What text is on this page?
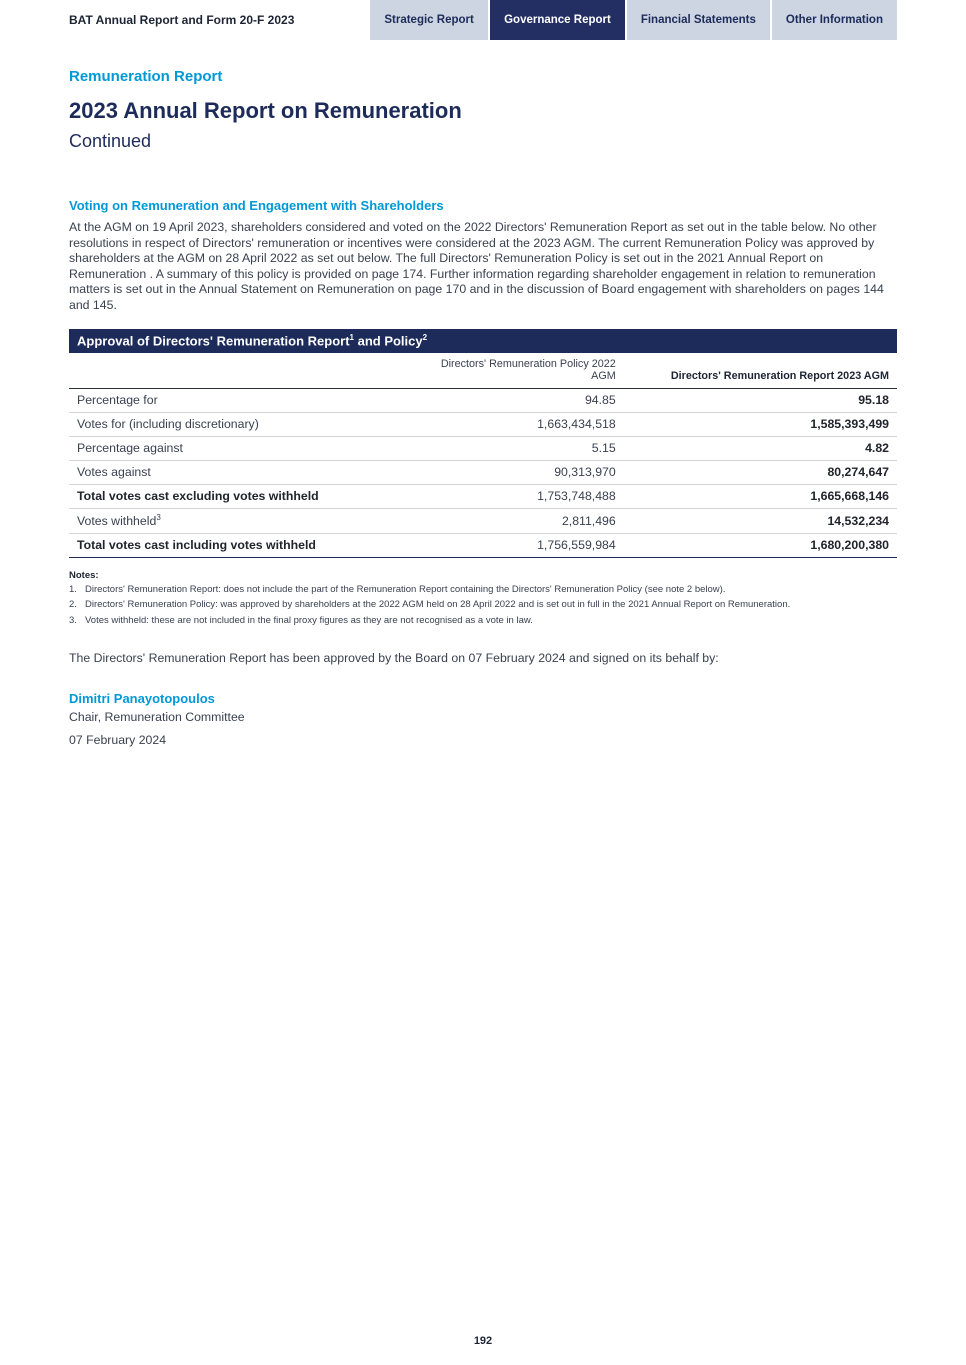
BAT Annual Report and Form 20-F 2023	Strategic Report	Governance Report	Financial Statements	Other Information
Remuneration Report
2023 Annual Report on Remuneration
Continued
Voting on Remuneration and Engagement with Shareholders

At the AGM on 19 April 2023, shareholders considered and voted on the 2022 Directors' Remuneration Report as set out in the table below. No other resolutions in respect of Directors' remuneration or incentives were considered at the 2023 AGM. The current Remuneration Policy was approved by shareholders at the AGM on 28 April 2022 as set out below. The full Directors' Remuneration Policy is set out in the 2021 Annual Report on Remuneration . A summary of this policy is provided on page 174. Further information regarding shareholder engagement in relation to remuneration matters is set out in the Annual Statement on Remuneration on page 170 and in the discussion of Board engagement with shareholders on pages 144 and 145.

Approval of Directors' Remuneration Report$^1$ and Policy$^2$
	Directors' Remuneration Policy 2022 AGM	Directors' Remuneration Report 2023 AGM
Percentage for	94.85	95.18
Votes for (including discretionary)	1,663,434,518	1,585,393,499
Percentage against	5.15	4.82
Votes against	90,313,970	80,274,647
Total votes cast excluding votes withheld	1,753,748,488	1,665,668,146
Votes withheld$^3$	2,811,496	14,532,234
Total votes cast including votes withheld	1,756,559,984	1,680,200,380
Notes:
1. Directors' Remuneration Report: does not include the part of the Remuneration Report containing the Directors' Remuneration Policy (see note 2 below).
2. Directors' Remuneration Policy: was approved by shareholders at the 2022 AGM held on 28 April 2022 and is set out in full in the 2021 Annual Report on Remuneration.
3. Votes withheld: these are not included in the final proxy figures as they are not recognised as a vote in law.

The Directors' Remuneration Report has been approved by the Board on 07 February 2024 and signed on its behalf by:

Dimitri Panayotopoulos
Chair, Remuneration Committee
07 February 2024
192
